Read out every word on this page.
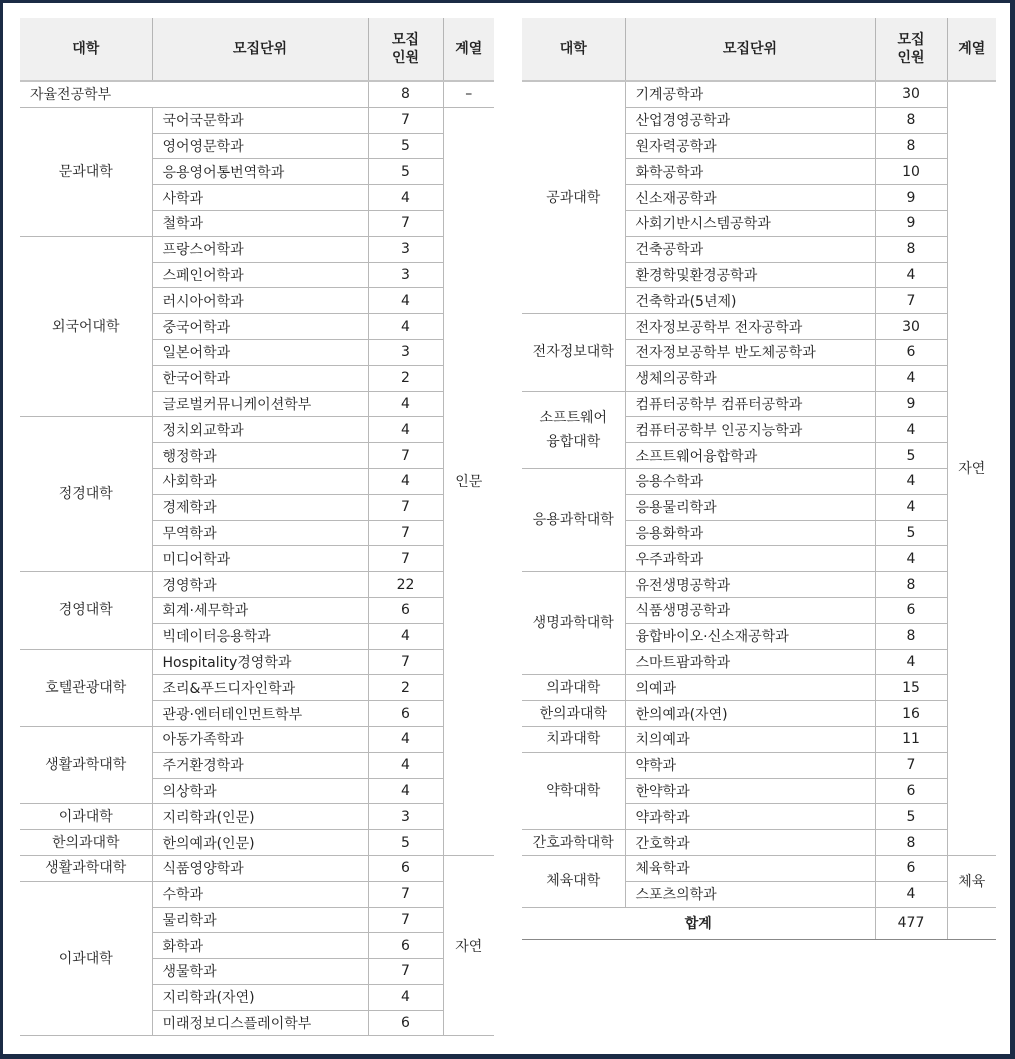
대학	모집단위	모집
인원	계열
자율전공학부		8	–
문과대학	국어국문학과	7	인문
	영어영문학과	5	
	응용영어통번역학과	5	
	사학과	4	
	철학과	7	
외국어대학	프랑스어학과	3	
	스페인어학과	3	
	러시아어학과	4	
	중국어학과	4	
	일본어학과	3	
	한국어학과	2	
	글로벌커뮤니케이션학부	4	
정경대학	정치외교학과	4	
	행정학과	7	
	사회학과	4	
	경제학과	7	
	무역학과	7	
	미디어학과	7	
경영대학	경영학과	22	
	회계·세무학과	6	
	빅데이터응용학과	4	
호텔관광대학	Hospitality경영학과	7	
	조리&푸드디자인학과	2	
	관광·엔터테인먼트학부	6	
생활과학대학	아동가족학과	4	
	주거환경학과	4	
	의상학과	4	
이과대학	지리학과(인문)	3	
한의과대학	한의예과(인문)	5	
생활과학대학	식품영양학과	6	자연
이과대학	수학과	7	
	물리학과	7	
	화학과	6	
	생물학과	7	
	지리학과(자연)	4	
	미래정보디스플레이학부	6	
대학	모집단위	모집
인원	계열
공과대학	기계공학과	30	자연
	산업경영공학과	8	
	원자력공학과	8	
	화학공학과	10	
	신소재공학과	9	
	사회기반시스템공학과	9	
	건축공학과	8	
	환경학및환경공학과	4	
	건축학과(5년제)	7	
전자정보대학	전자정보공학부 전자공학과	30	
	전자정보공학부 반도체공학과	6	
	생체의공학과	4	
소프트웨어
융합대학	컴퓨터공학부 컴퓨터공학과	9	
	컴퓨터공학부 인공지능학과	4	
	소프트웨어융합학과	5	
응용과학대학	응용수학과	4	
	응용물리학과	4	
	응용화학과	5	
	우주과학과	4	
생명과학대학	유전생명공학과	8	
	식품생명공학과	6	
	융합바이오·신소재공학과	8	
	스마트팜과학과	4	
의과대학	의예과	15	
한의과대학	한의예과(자연)	16	
치과대학	치의예과	11	
약학대학	약학과	7	
	한약학과	6	
	약과학과	5	
간호과학대학	간호학과	8	
체육대학	체육학과	6	체육
	스포츠의학과	4	
합계		477	
